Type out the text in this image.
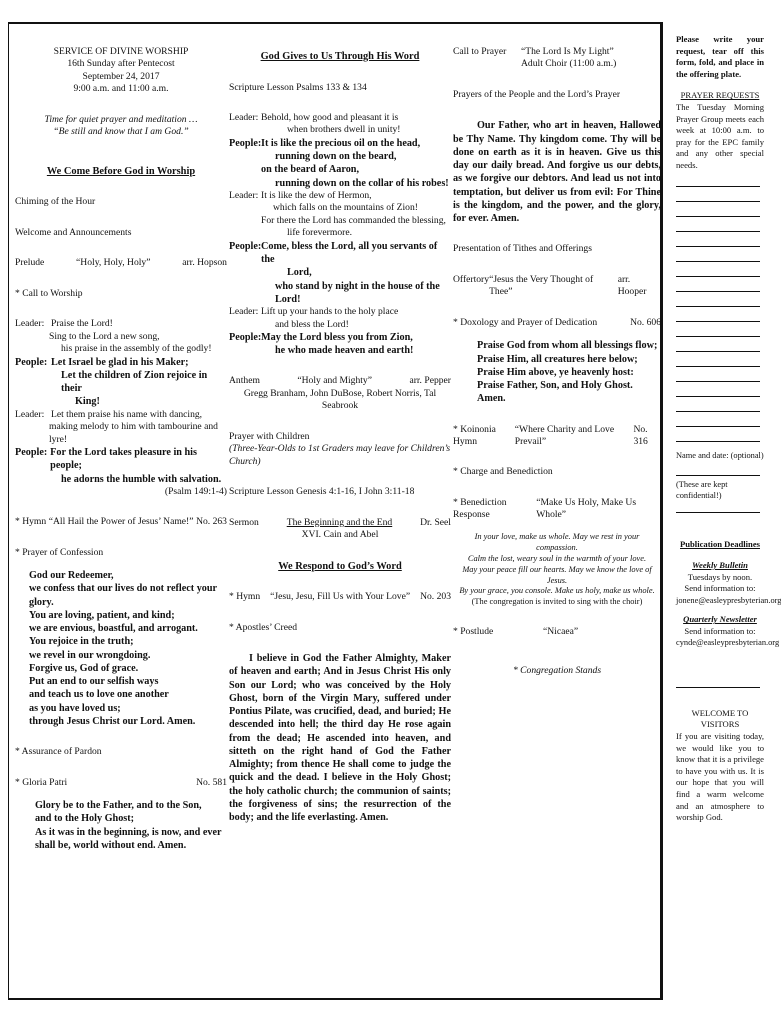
SERVICE OF DIVINE WORSHIP
16th Sunday after Pentecost
September 24, 2017
9:00 a.m. and 11:00 a.m.
Time for quiet prayer and meditation …
“Be still and know that I am God.”
We Come Before God in Worship
Chiming of the Hour
Welcome and Announcements
Prelude	“Holy, Holy, Holy”	arr. Hopson
* Call to Worship
Leader: Praise the Lord!
Sing to the Lord a new song,
his praise in the assembly of the godly!
People: Let Israel be glad in his Maker;
Let the children of Zion rejoice in their
King!
Leader: Let them praise his name with dancing,
making melody to him with tambourine and lyre!
People: For the Lord takes pleasure in his people;
he adorns the humble with salvation.
(Psalm 149:1-4)
* Hymn “All Hail the Power of Jesus’ Name!” No. 263
* Prayer of Confession
God our Redeemer,
we confess that our lives do not reflect your glory.
You are loving, patient, and kind;
we are envious, boastful, and arrogant.
You rejoice in the truth;
we revel in our wrongdoing.
Forgive us, God of grace.
Put an end to our selfish ways
and teach us to love one another
as you have loved us;
through Jesus Christ our Lord. Amen.
* Assurance of Pardon
* Gloria Patri	No. 581
Glory be to the Father, and to the Son,
and to the Holy Ghost;
As it was in the beginning, is now, and ever
shall be, world without end. Amen.
God Gives to Us Through His Word
Scripture Lesson Psalms 133 & 134
Leader: Behold, how good and pleasant it is
when brothers dwell in unity!
People: It is like the precious oil on the head,
running down on the beard,
on the beard of Aaron,
running down on the collar of his robes!
Leader: It is like the dew of Hermon,
which falls on the mountains of Zion!
For there the Lord has commanded the blessing,
life forevermore.
People: Come, bless the Lord, all you servants of the
Lord,
who stand by night in the house of the Lord!
Leader: Lift up your hands to the holy place
and bless the Lord!
People: May the Lord bless you from Zion,
he who made heaven and earth!
Anthem	“Holy and Mighty”	arr. Pepper
Gregg Branham, John DuBose, Robert Norris, Tal Seabrook
Prayer with Children
(Three-Year-Olds to 1st Graders may leave for Children’s Church)
Scripture Lesson Genesis 4:1-16, I John 3:11-18
Sermon	The Beginning and the End	Dr. Seel
XVI. Cain and Abel
We Respond to God’s Word
* Hymn “Jesu, Jesu, Fill Us with Your Love” No. 203
* Apostles’ Creed
I believe in God the Father Almighty, Maker of heaven and earth; And in Jesus Christ His only Son our Lord; who was conceived by the Holy Ghost, born of the Virgin Mary, suffered under Pontius Pilate, was crucified, dead, and buried; He descended into hell; the third day He rose again from the dead; He ascended into heaven, and sitteth on the right hand of God the Father Almighty; from thence He shall come to judge the quick and the dead. I believe in the Holy Ghost; the holy catholic church; the communion of saints; the forgiveness of sins; the resurrection of the body; and the life everlasting. Amen.
Call to Prayer	“The Lord Is My Light”
Adult Choir (11:00 a.m.)
Prayers of the People and the Lord’s Prayer
Our Father, who art in heaven, Hallowed be Thy Name. Thy kingdom come. Thy will be done on earth as it is in heaven. Give us this day our daily bread. And forgive us our debts, as we forgive our debtors. And lead us not into temptation, but deliver us from evil: For Thine is the kingdom, and the power, and the glory, for ever. Amen.
Presentation of Tithes and Offerings
Offertory “Jesus the Very Thought of Thee”
arr. Hooper
* Doxology and Prayer of Dedication	No. 606
Praise God from whom all blessings flow;
Praise Him, all creatures here below;
Praise Him above, ye heavenly host:
Praise Father, Son, and Holy Ghost. Amen.
* Koinonia Hymn
“Where Charity and Love Prevail”
No. 316
* Charge and Benediction
* Benediction Response
“Make Us Holy, Make Us Whole”
In your love, make us whole. May we rest in your compassion.
Calm the lost, weary soul in the warmth of your love.
May your peace fill our hearts. May we know the love of Jesus.
By your grace, you console. Make us holy, make us whole.
(The congregation is invited to sing with the choir)
* Postlude	“Nicaea”
* Congregation Stands
Please write your request, tear off this form, fold, and place in the offering plate.
PRAYER REQUESTS
The Tuesday Morning Prayer Group meets each week at 10:00 a.m. to pray for the EPC family and any other special needs.
Name and date: (optional)
(These are kept confidential!)
Publication Deadlines
Weekly Bulletin
Tuesdays by noon.
Send information to:
jonene@easleypresbyterian.org
Quarterly Newsletter
Send information to:
cynde@easleypresbyterian.org
WELCOME TO
VISITORS
If you are visiting today, we would like you to know that it is a privilege to have you with us. It is our hope that you will find a warm welcome and an atmosphere to worship God.
